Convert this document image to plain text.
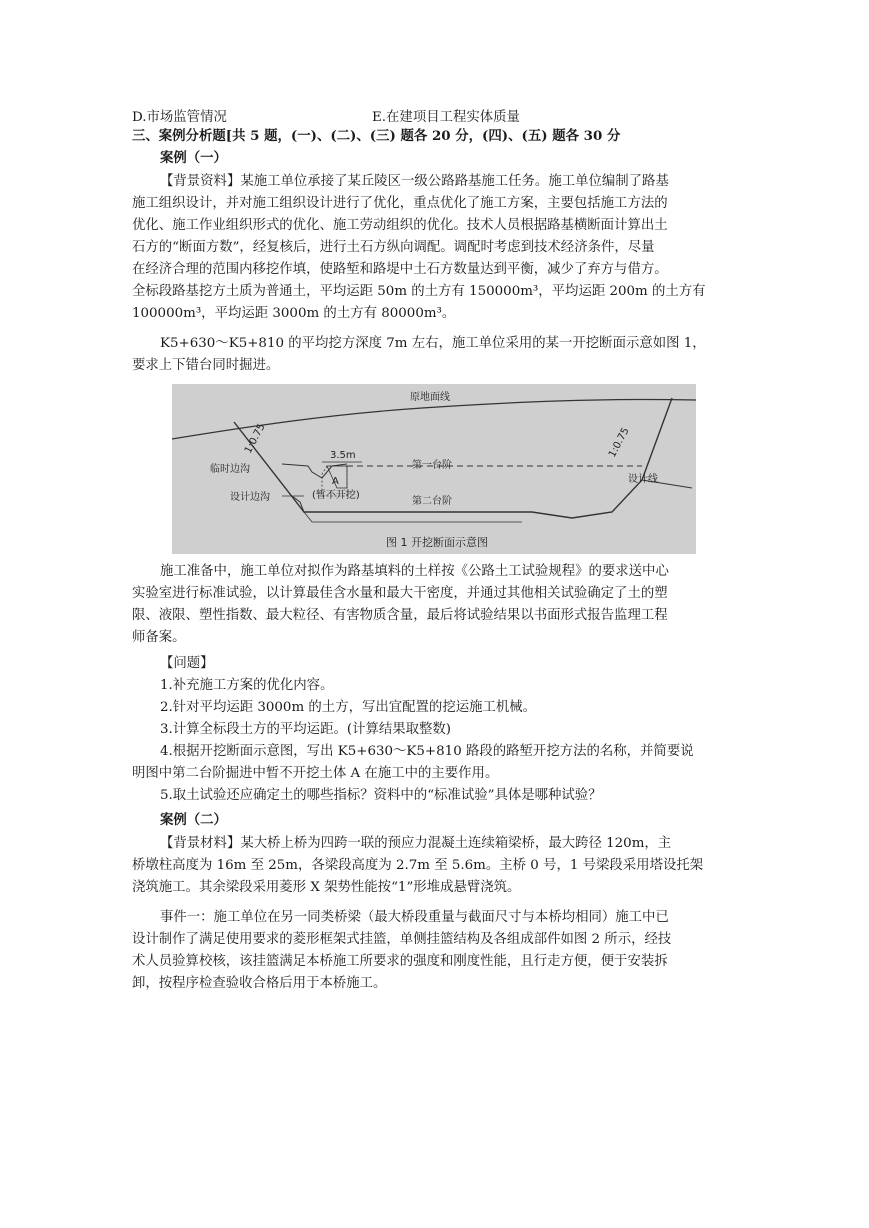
D.市场监管情况	E.在建项目工程实体质量
三、案例分析题[共 5 题，(一)、(二)、(三) 题各 20 分，(四)、(五) 题各 30 分
案例（一）
【背景资料】某施工单位承接了某丘陵区一级公路路基施工任务。施工单位编制了路基
施工组织设计，并对施工组织设计进行了优化，重点优化了施工方案，主要包括施工方法的
优化、施工作业组织形式的优化、施工劳动组织的优化。技术人员根据路基横断面计算出土
石方的“断面方数”，经复核后，进行土石方纵向调配。调配时考虑到技术经济条件，尽量
在经济合理的范围内移挖作填，使路堑和路堤中土石方数量达到平衡，减少了弃方与借方。
全标段路基挖方土质为普通土，平均运距 50m 的土方有 150000m³，平均运距 200m 的土方有
100000m³，平均运距 3000m 的土方有 80000m³。
K5+630～K5+810 的平均挖方深度 7m 左右，施工单位采用的某一开挖断面示意如图 1，
要求上下错台同时掘进。
原地面线
1:0.75	1:0.75
临时边沟
3.5m
第一台阶
A
(暂不开挖)
设计边沟	第二台阶
设计线
图 1 开挖断面示意图
施工准备中，施工单位对拟作为路基填料的土样按《公路土工试验规程》的要求送中心
实验室进行标准试验，以计算最佳含水量和最大干密度，并通过其他相关试验确定了土的塑
限、液限、塑性指数、最大粒径、有害物质含量，最后将试验结果以书面形式报告监理工程
师备案。
【问题】
1.补充施工方案的优化内容。
2.针对平均运距 3000m 的土方，写出宜配置的挖运施工机械。
3.计算全标段土方的平均运距。(计算结果取整数)
4.根据开挖断面示意图，写出 K5+630～K5+810 路段的路堑开挖方法的名称，并简要说
明图中第二台阶掘进中暂不开挖土体 A 在施工中的主要作用。
5.取土试验还应确定土的哪些指标？资料中的“标准试验”具体是哪种试验？
案例（二）
【背景材料】某大桥上桥为四跨一联的预应力混凝土连续箱梁桥，最大跨径 120m，主
桥墩柱高度为 16m 至 25m，各梁段高度为 2.7m 至 5.6m。主桥 0 号，1 号梁段采用塔设托架
浇筑施工。其余梁段采用菱形 X 架势性能按“1”形堆成悬臂浇筑。
事件一：施工单位在另一同类桥梁（最大桥段重量与截面尺寸与本桥均相同）施工中已
设计制作了满足使用要求的菱形框架式挂篮，单侧挂篮结构及各组成部件如图 2 所示，经技
术人员验算校核，该挂篮满足本桥施工所要求的强度和刚度性能，且行走方便，便于安装拆
卸，按程序检查验收合格后用于本桥施工。
